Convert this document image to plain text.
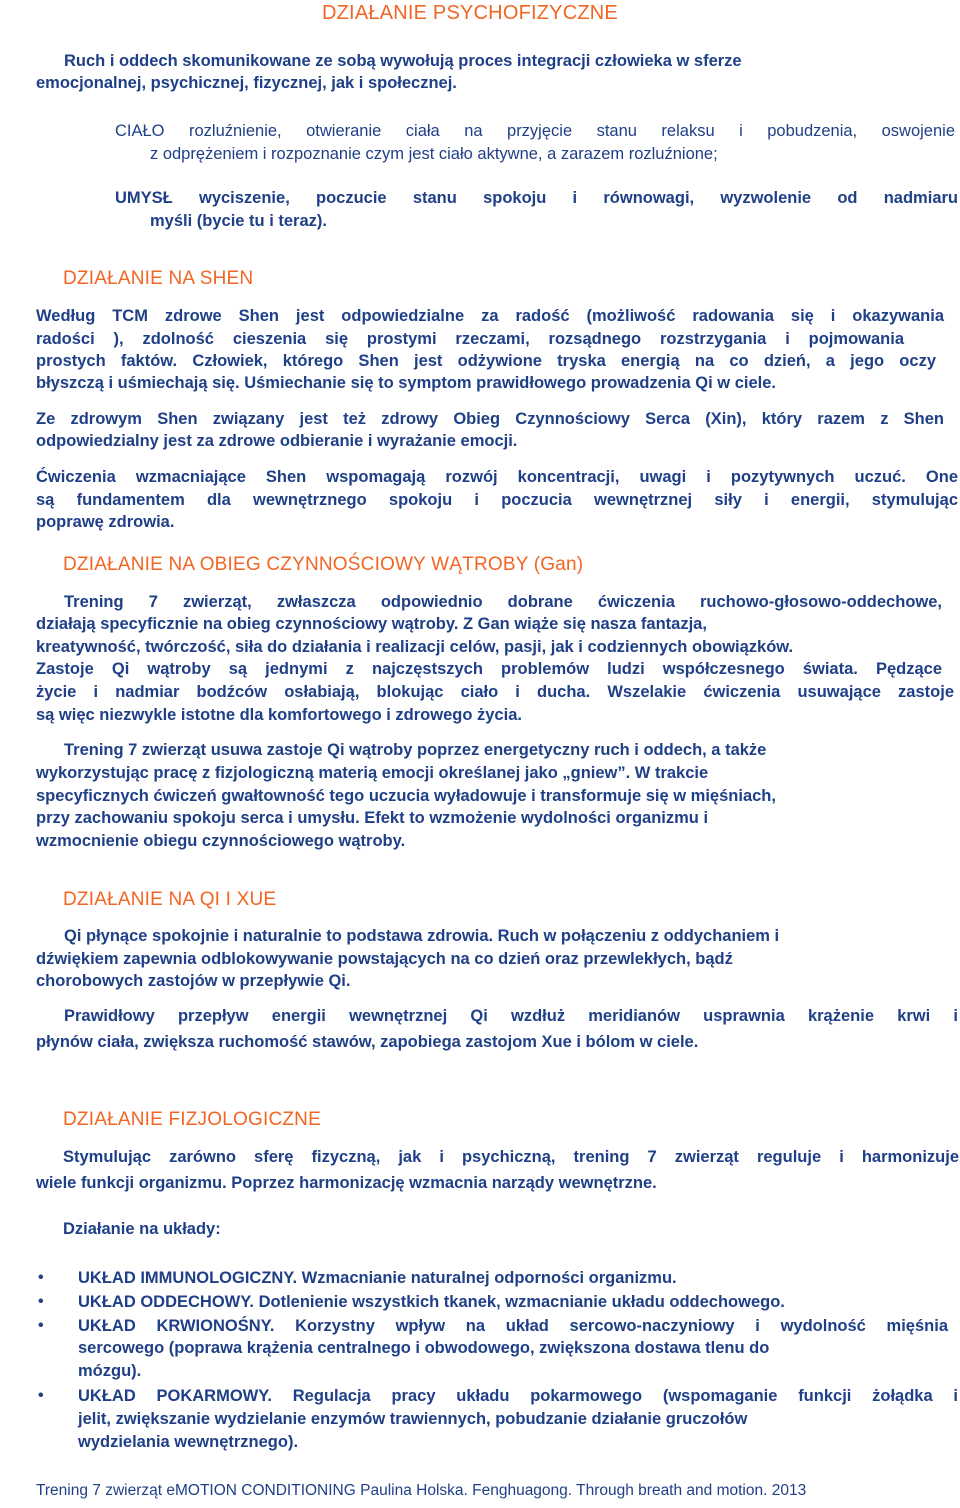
DZIAŁANIE PSYCHOFIZYCZNE
Ruch i oddech skomunikowane ze sobą wywołują proces integracji człowieka w sferze
emocjonalnej, psychicznej, fizycznej, jak i społecznej.
CIAŁO rozluźnienie, otwieranie ciała na przyjęcie stanu relaksu i pobudzenia, oswojenie
z odprężeniem i rozpoznanie czym jest ciało aktywne, a zarazem rozluźnione;
UMYSŁ wyciszenie, poczucie stanu spokoju i równowagi, wyzwolenie od nadmiaru
myśli (bycie tu i teraz).
DZIAŁANIE NA SHEN
Według TCM zdrowe Shen jest odpowiedzialne za radość (możliwość radowania się i okazywania
radości ), zdolność cieszenia się prostymi rzeczami, rozsądnego rozstrzygania i pojmowania
prostych faktów. Człowiek, którego Shen jest odżywione tryska energią na co dzień, a jego oczy
błyszczą i uśmiechają się. Uśmiechanie się to symptom prawidłowego prowadzenia Qi w ciele.
Ze zdrowym Shen związany jest też zdrowy Obieg Czynnościowy Serca (Xin), który razem z Shen
odpowiedzialny jest za zdrowe odbieranie i wyrażanie emocji.
Ćwiczenia wzmacniające Shen wspomagają rozwój koncentracji, uwagi i pozytywnych uczuć. One
są fundamentem dla wewnętrznego spokoju i poczucia wewnętrznej siły i energii, stymulując
poprawę zdrowia.
DZIAŁANIE NA OBIEG CZYNNOŚCIOWY WĄTROBY (Gan)
Trening 7 zwierząt, zwłaszcza odpowiednio dobrane ćwiczenia ruchowo-głosowo-oddechowe,
działają specyficznie na obieg czynnościowy wątroby. Z Gan wiąże się nasza fantazja,
kreatywność, twórczość, siła do działania i realizacji celów, pasji, jak i codziennych obowiązków.
Zastoje Qi wątroby są jednymi z najczęstszych problemów ludzi współczesnego świata. Pędzące
życie i nadmiar bodźców osłabiają, blokując ciało i ducha. Wszelakie ćwiczenia usuwające zastoje
są więc niezwykle istotne dla komfortowego i zdrowego życia.
Trening 7 zwierząt usuwa zastoje Qi wątroby poprzez energetyczny ruch i oddech, a także
wykorzystując pracę z fizjologiczną materią emocji określanej jako „gniew”. W trakcie
specyficznych ćwiczeń gwałtowność tego uczucia wyładowuje i transformuje się w mięśniach,
przy zachowaniu spokoju serca i umysłu. Efekt to wzmożenie wydolności organizmu i
wzmocnienie obiegu czynnościowego wątroby.
DZIAŁANIE NA QI I XUE
Qi płynące spokojnie i naturalnie to podstawa zdrowia. Ruch w połączeniu z oddychaniem i
dźwiękiem zapewnia odblokowywanie powstających na co dzień oraz przewlekłych, bądź
chorobowych zastojów w przepływie Qi.
Prawidłowy przepływ energii wewnętrznej Qi wzdłuż meridianów usprawnia krążenie krwi i
płynów ciała, zwiększa ruchomość stawów, zapobiega zastojom Xue i bólom w ciele.
DZIAŁANIE FIZJOLOGICZNE
Stymulując zarówno sferę fizyczną, jak i psychiczną, trening 7 zwierząt reguluje i harmonizuje
wiele funkcji organizmu. Poprzez harmonizację wzmacnia narządy wewnętrzne.
Działanie na układy:
• UKŁAD IMMUNOLOGICZNY. Wzmacnianie naturalnej odporności organizmu.
• UKŁAD ODDECHOWY. Dotlenienie wszystkich tkanek, wzmacnianie układu oddechowego.
• UKŁAD KRWIONOŚNY. Korzystny wpływ na układ sercowo-naczyniowy i wydolność mięśnia
sercowego (poprawa krążenia centralnego i obwodowego, zwiększona dostawa tlenu do
mózgu).
• UKŁAD POKARMOWY. Regulacja pracy układu pokarmowego (wspomaganie funkcji żołądka i
jelit, zwiększanie wydzielanie enzymów trawiennych, pobudzanie działanie gruczołów
wydzielania wewnętrznego).
Trening 7 zwierząt eMOTION CONDITIONING Paulina Holska. Fenghuagong. Through breath and motion. 2013
